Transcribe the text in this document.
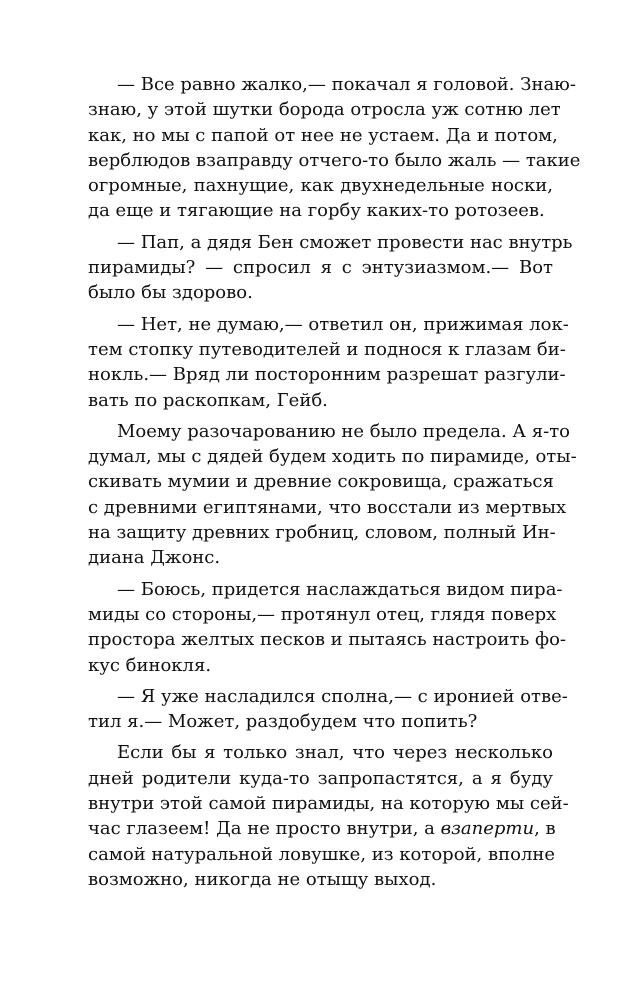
— Все равно жалко,— покачал я головой. Знаю-
знаю, у этой шутки борода отросла уж сотню лет
как, но мы с папой от нее не устаем. Да и потом,
верблюдов взаправду отчего-то было жаль — такие
огромные, пахнущие, как двухнедельные носки,
да еще и тягающие на горбу каких-то ротозеев.
— Пап, а дядя Бен сможет провести нас внутрь
пирамиды? — спросил я с энтузиазмом.— Вот
было бы здорово.
— Нет, не думаю,— ответил он, прижимая лок-
тем стопку путеводителей и поднося к глазам би-
нокль.— Вряд ли посторонним разрешат разгули-
вать по раскопкам, Гейб.
Моему разочарованию не было предела. А я-то
думал, мы с дядей будем ходить по пирамиде, оты-
скивать мумии и древние сокровища, сражаться
с древними египтянами, что восстали из мертвых
на защиту древних гробниц, словом, полный Ин-
диана Джонс.
— Боюсь, придется наслаждаться видом пира-
миды со стороны,— протянул отец, глядя поверх
простора желтых песков и пытаясь настроить фо-
кус бинокля.
— Я уже насладился сполна,— с иронией отве-
тил я.— Может, раздобудем что попить?
Если бы я только знал, что через несколько
дней родители куда-то запропастятся, а я буду
внутри этой самой пирамиды, на которую мы сей-
час глазеем! Да не просто внутри, а взаперти, в
самой натуральной ловушке, из которой, вполне
возможно, никогда не отыщу выход.
